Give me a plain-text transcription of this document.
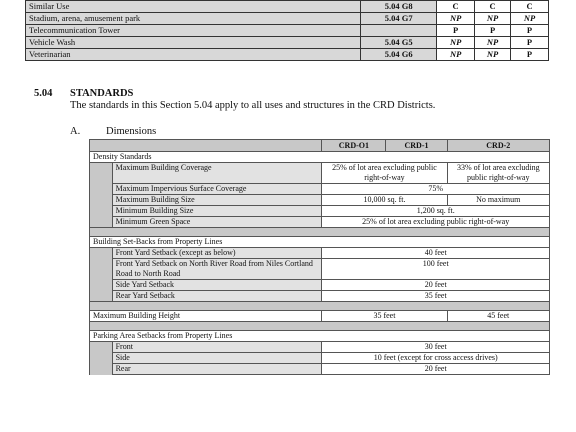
Similar Use	5.04 G8	C	C	C
Stadium, arena, amusement park	5.04 G7	NP	NP	NP
Telecommunication Tower		P	P	P
Vehicle Wash	5.04 G5	NP	NP	P
Veterinarian	5.04 G6	NP	NP	P
5.04 STANDARDS
The standards in this Section 5.04 apply to all uses and structures in the CRD Districts.
A. Dimensions
		CRD-O1	CRD-1	CRD-2
Density Standards				
	Maximum Building Coverage	25% of lot area excluding public right-of-way		33% of lot area excluding public right-of-way
	Maximum Impervious Surface Coverage	75%		
	Maximum Building Size	10,000 sq. ft.		No maximum
	Minimum Building Size	1,200 sq. ft.		
	Minimum Green Space	25% of lot area excluding public right-of-way		

Building Set-Backs from Property Lines				
	Front Yard Setback (except as below)	40 feet		
	Front Yard Setback on North River Road from Niles Cortland Road to North Road	100 feet		
	Side Yard Setback	20 feet		
	Rear Yard Setback	35 feet		

Maximum Building Height		35 feet		45 feet

Parking Area Setbacks from Property Lines				
	Front	30 feet		
	Side	10 feet (except for cross access drives)		
	Rear	20 feet		
